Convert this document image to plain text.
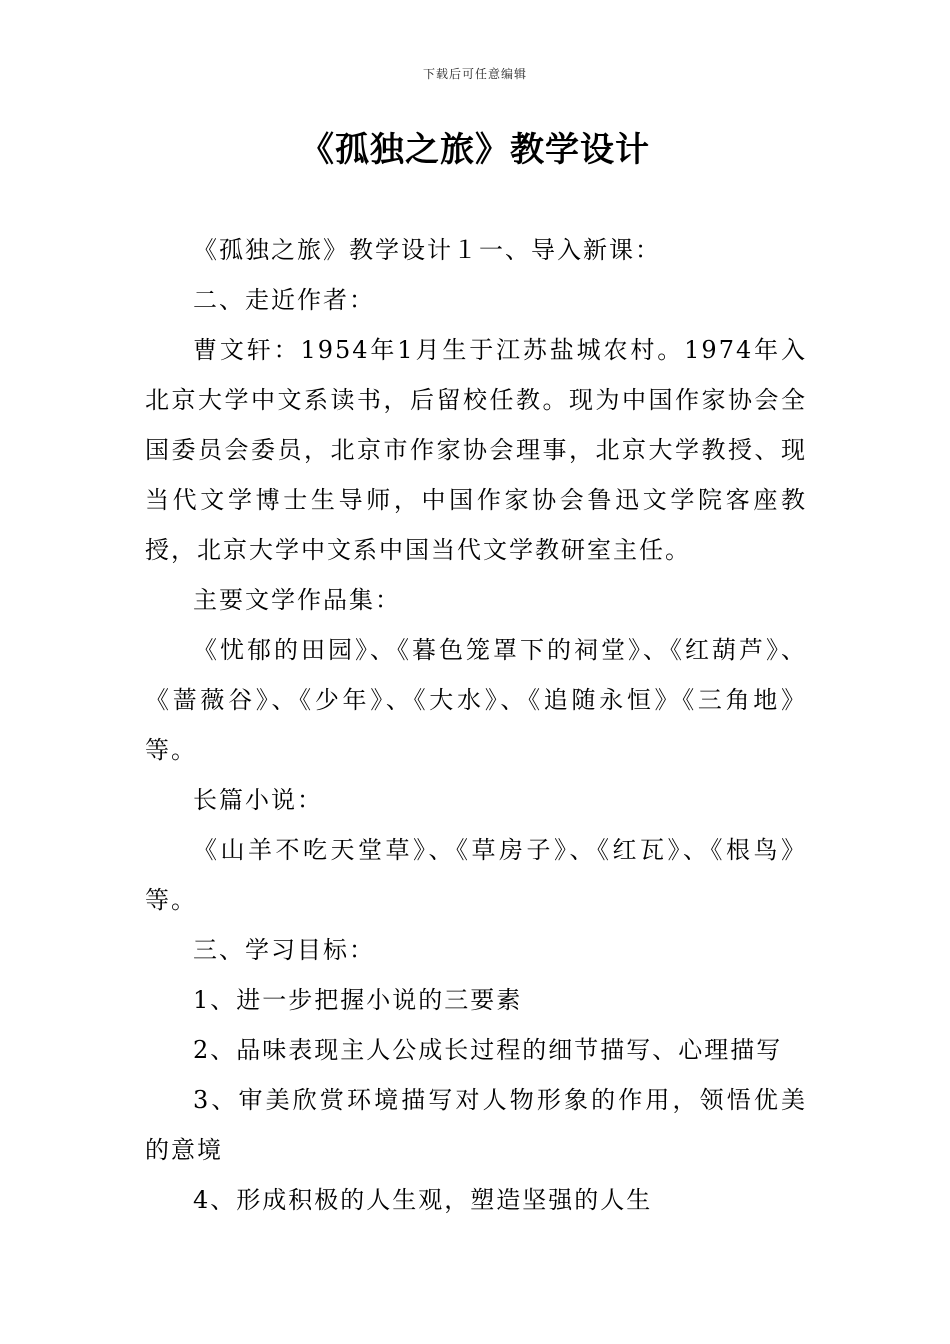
下载后可任意编辑
《孤独之旅》教学设计

《孤独之旅》教学设计１一、导入新课：

二、走近作者：

曹文轩：1954年1月生于江苏盐城农村。1974年入北京大学中文系读书，后留校任教。现为中国作家协会全国委员会委员，北京市作家协会理事，北京大学教授、现当代文学博士生导师，中国作家协会鲁迅文学院客座教授，北京大学中文系中国当代文学教研室主任。

主要文学作品集：

《忧郁的田园》、《暮色笼罩下的祠堂》、《红葫芦》、《蔷薇谷》、《少年》、《大水》、《追随永恒》《三角地》等。

长篇小说：

《山羊不吃天堂草》、《草房子》、《红瓦》、《根鸟》等。

三、学习目标：

1、进一步把握小说的三要素

2、品味表现主人公成长过程的细节描写、心理描写

3、审美欣赏环境描写对人物形象的作用，领悟优美的意境

4、形成积极的人生观，塑造坚强的人生
